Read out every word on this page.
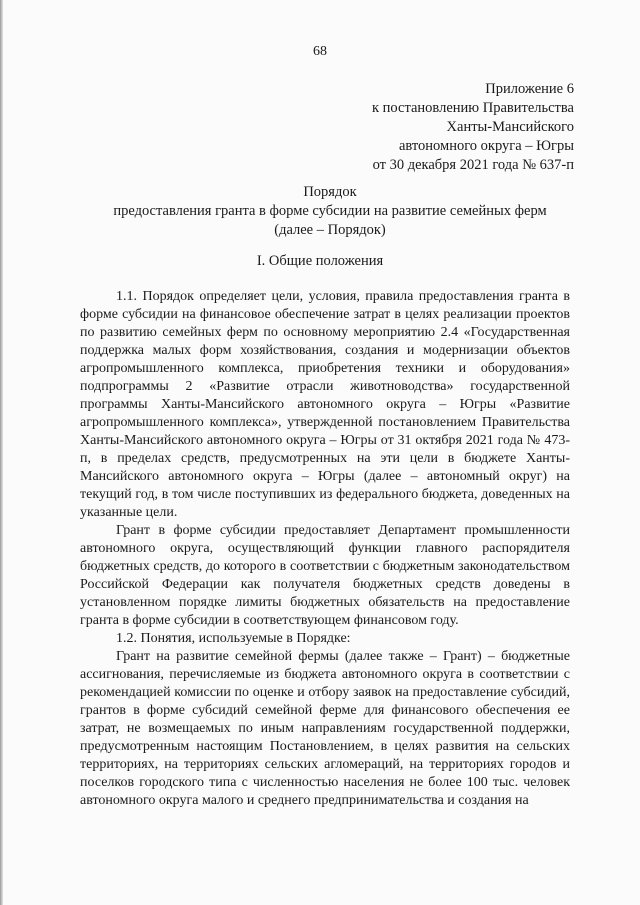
68
Приложение 6
к постановлению Правительства
Ханты-Мансийского
автономного округа – Югры
от 30 декабря 2021 года № 637-п
Порядок
предоставления гранта в форме субсидии на развитие семейных ферм
(далее – Порядок)
I. Общие положения

1.1. Порядок определяет цели, условия, правила предоставления гранта в форме субсидии на финансовое обеспечение затрат в целях реализации проектов по развитию семейных ферм по основному мероприятию 2.4 «Государственная поддержка малых форм хозяйствования, создания и модернизации объектов агропромышленного комплекса, приобретения техники и оборудования» подпрограммы 2 «Развитие отрасли животноводства» государственной программы Ханты-Мансийского автономного округа – Югры «Развитие агропромышленного комплекса», утвержденной постановлением Правительства Ханты-Мансийского автономного округа – Югры от 31 октября 2021 года № 473-п, в пределах средств, предусмотренных на эти цели в бюджете Ханты-Мансийского автономного округа – Югры (далее – автономный округ) на текущий год, в том числе поступивших из федерального бюджета, доведенных на указанные цели.

Грант в форме субсидии предоставляет Департамент промышленности автономного округа, осуществляющий функции главного распорядителя бюджетных средств, до которого в соответствии с бюджетным законодательством Российской Федерации как получателя бюджетных средств доведены в установленном порядке лимиты бюджетных обязательств на предоставление гранта в форме субсидии в соответствующем финансовом году.

1.2. Понятия, используемые в Порядке:

Грант на развитие семейной фермы (далее также – Грант) – бюджетные ассигнования, перечисляемые из бюджета автономного округа в соответствии с рекомендацией комиссии по оценке и отбору заявок на предоставление субсидий, грантов в форме субсидий семейной ферме для финансового обеспечения ее затрат, не возмещаемых по иным направлениям государственной поддержки, предусмотренным настоящим Постановлением, в целях развития на сельских территориях, на территориях сельских агломераций, на территориях городов и поселков городского типа с численностью населения не более 100 тыс. человек автономного округа малого и среднего предпринимательства и создания на
